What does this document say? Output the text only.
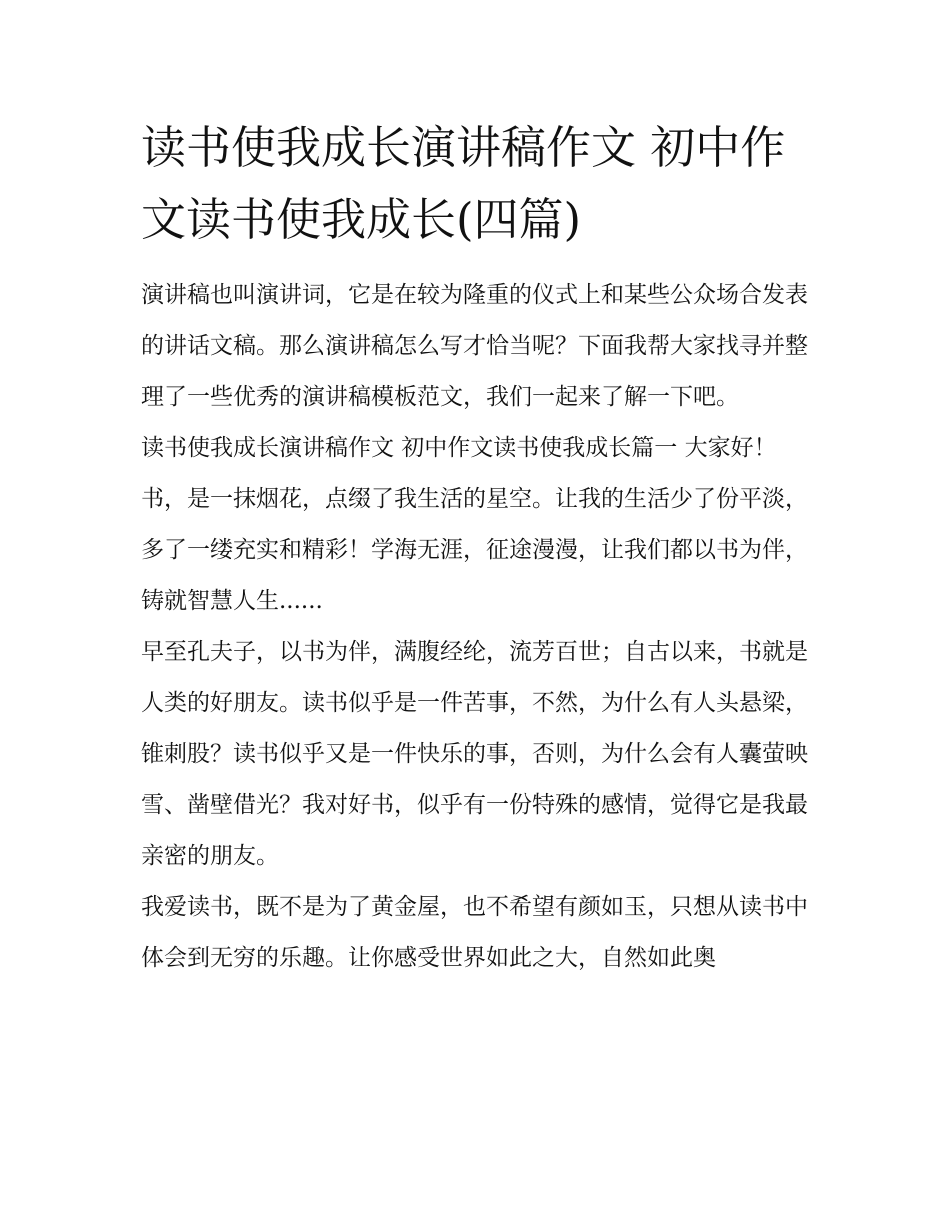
读书使我成长演讲稿作文 初中作文读书使我成长(四篇)

演讲稿也叫演讲词，它是在较为隆重的仪式上和某些公众场合发表的讲话文稿。那么演讲稿怎么写才恰当呢？下面我帮大家找寻并整理了一些优秀的演讲稿模板范文，我们一起来了解一下吧。

读书使我成长演讲稿作文 初中作文读书使我成长篇一 大家好！

书，是一抹烟花，点缀了我生活的星空。让我的生活少了份平淡，多了一缕充实和精彩！学海无涯，征途漫漫，让我们都以书为伴，铸就智慧人生......

早至孔夫子，以书为伴，满腹经纶，流芳百世；自古以来，书就是人类的好朋友。读书似乎是一件苦事，不然，为什么有人头悬梁，锥刺股？读书似乎又是一件快乐的事，否则，为什么会有人囊萤映雪、凿壁借光？我对好书，似乎有一份特殊的感情，觉得它是我最亲密的朋友。

我爱读书，既不是为了黄金屋，也不希望有颜如玉，只想从读书中体会到无穷的乐趣。让你感受世界如此之大，自然如此奥
